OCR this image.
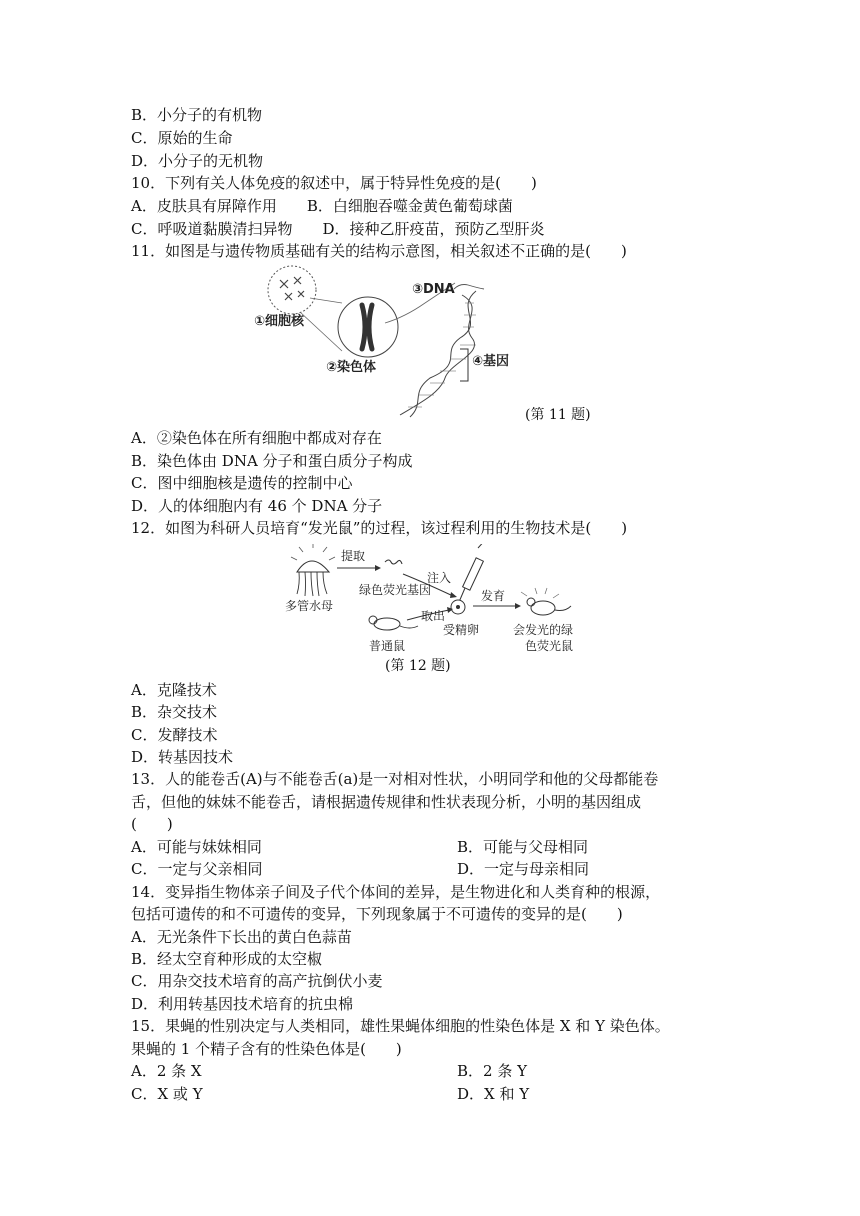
B．小分子的有机物
C．原始的生命
D．小分子的无机物
10．下列有关人体免疫的叙述中，属于特异性免疫的是(　　)
A．皮肤具有屏障作用　　B．白细胞吞噬金黄色葡萄球菌
C．呼吸道黏膜清扫异物　　D．接种乙肝疫苗，预防乙型肝炎
11．如图是与遗传物质基础有关的结构示意图，相关叙述不正确的是(　　)
③DNA
①细胞核
②染色体	④基因
(第 11 题)
A．②染色体在所有细胞中都成对存在
B．染色体由 DNA 分子和蛋白质分子构成
C．图中细胞核是遗传的控制中心
D．人的体细胞内有 46 个 DNA 分子
12．如图为科研人员培育“发光鼠”的过程，该过程利用的生物技术是(　　)
提取
多管水母
绿色荧光基因
注入
取出
受精卵
发育
普通鼠
会发光的绿
色荧光鼠
(第 12 题)
A．克隆技术
B．杂交技术
C．发酵技术
D．转基因技术
13．人的能卷舌(A)与不能卷舌(a)是一对相对性状，小明同学和他的父母都能卷
舌，但他的妹妹不能卷舌，请根据遗传规律和性状表现分析，小明的基因组成
(　　)
A．可能与妹妹相同	B．可能与父母相同
C．一定与父亲相同	D．一定与母亲相同
14．变异指生物体亲子间及子代个体间的差异，是生物进化和人类育种的根源，
包括可遗传的和不可遗传的变异，下列现象属于不可遗传的变异的是(　　)
A．无光条件下长出的黄白色蒜苗
B．经太空育种形成的太空椒
C．用杂交技术培育的高产抗倒伏小麦
D．利用转基因技术培育的抗虫棉
15．果蝇的性别决定与人类相同，雄性果蝇体细胞的性染色体是 X 和 Y 染色体。
果蝇的 1 个精子含有的性染色体是(　　)
A．2 条 X	B．2 条 Y
C．X 或 Y	D．X 和 Y
